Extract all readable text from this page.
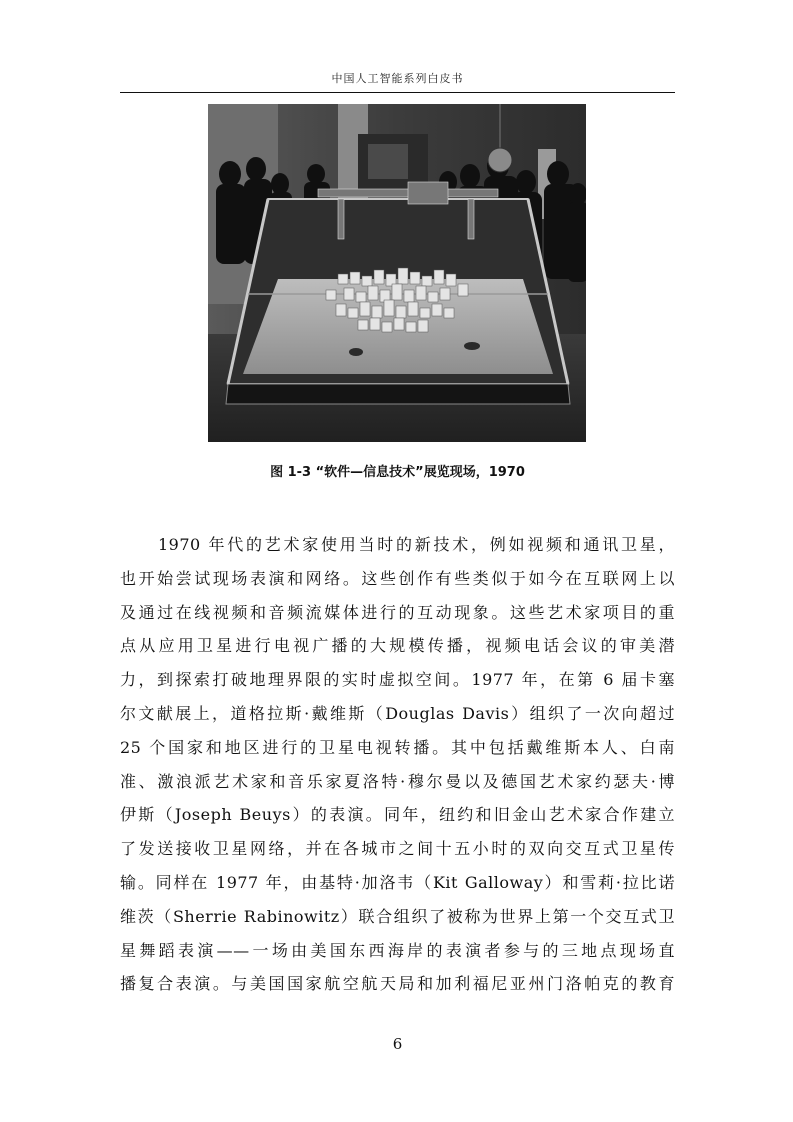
中国人工智能系列白皮书
图 1-3 “软件—信息技术”展览现场，1970
1970 年代的艺术家使用当时的新技术，例如视频和通讯卫星，
也开始尝试现场表演和网络。这些创作有些类似于如今在互联网上以
及通过在线视频和音频流媒体进行的互动现象。这些艺术家项目的重
点从应用卫星进行电视广播的大规模传播，视频电话会议的审美潜
力，到探索打破地理界限的实时虚拟空间。1977 年，在第 6 届卡塞
尔文献展上，道格拉斯·戴维斯（Douglas Davis）组织了一次向超过
25 个国家和地区进行的卫星电视转播。其中包括戴维斯本人、白南
准、激浪派艺术家和音乐家夏洛特·穆尔曼以及德国艺术家约瑟夫·博
伊斯（Joseph Beuys）的表演。同年，纽约和旧金山艺术家合作建立
了发送接收卫星网络，并在各城市之间十五小时的双向交互式卫星传
输。同样在 1977 年，由基特·加洛韦（Kit Galloway）和雪莉·拉比诺
维茨（Sherrie Rabinowitz）联合组织了被称为世界上第一个交互式卫
星舞蹈表演——一场由美国东西海岸的表演者参与的三地点现场直
播复合表演。与美国国家航空航天局和加利福尼亚州门洛帕克的教育
6
